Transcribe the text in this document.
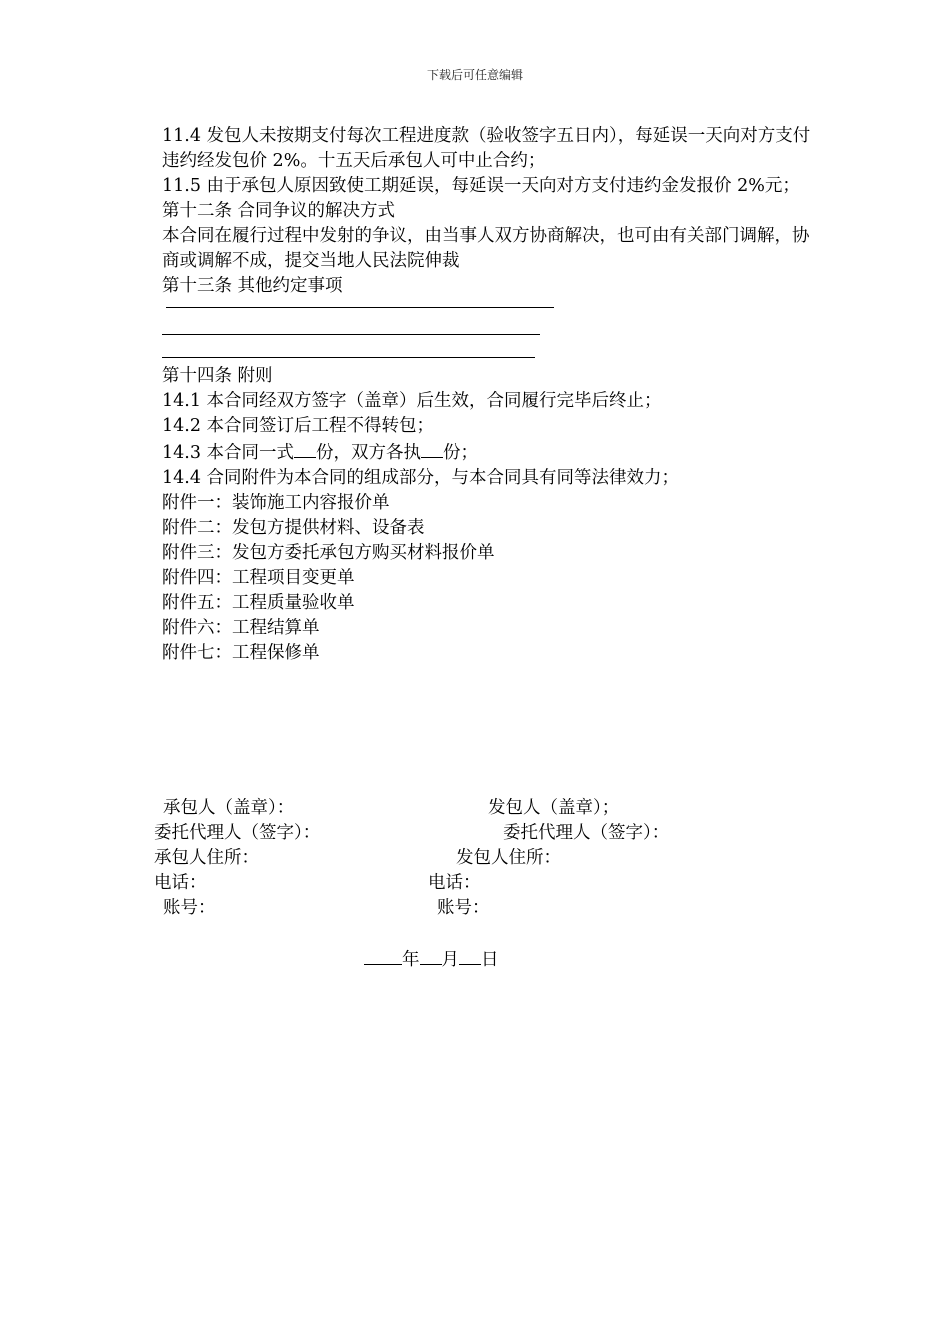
下载后可任意编辑

11.4 发包人未按期支付每次工程进度款（验收签字五日内），每延误一天向对方支付违约经发包价 2%。十五天后承包人可中止合约；

11.5 由于承包人原因致使工期延误，每延误一天向对方支付违约金发报价 2%元；

第十二条 合同争议的解决方式

本合同在履行过程中发射的争议，由当事人双方协商解决，也可由有关部门调解，协商或调解不成，提交当地人民法院伸裁

第十三条 其他约定事项

第十四条 附则

14.1 本合同经双方签字（盖章）后生效，合同履行完毕后终止；

14.2 本合同签订后工程不得转包；

14.3 本合同一式 份，双方各执 份；

14.4 合同附件为本合同的组成部分，与本合同具有同等法律效力；

附件一：装饰施工内容报价单

附件二：发包方提供材料、设备表

附件三：发包方委托承包方购买材料报价单

附件四：工程项目变更单

附件五：工程质量验收单

附件六：工程结算单

附件七：工程保修单

承包人（盖章）：	发包人（盖章）；
委托代理人（签字）：	委托代理人（签字）：
承包人住所：	发包人住所：
电话：	电话：
账号：	账号：
年 月 日
